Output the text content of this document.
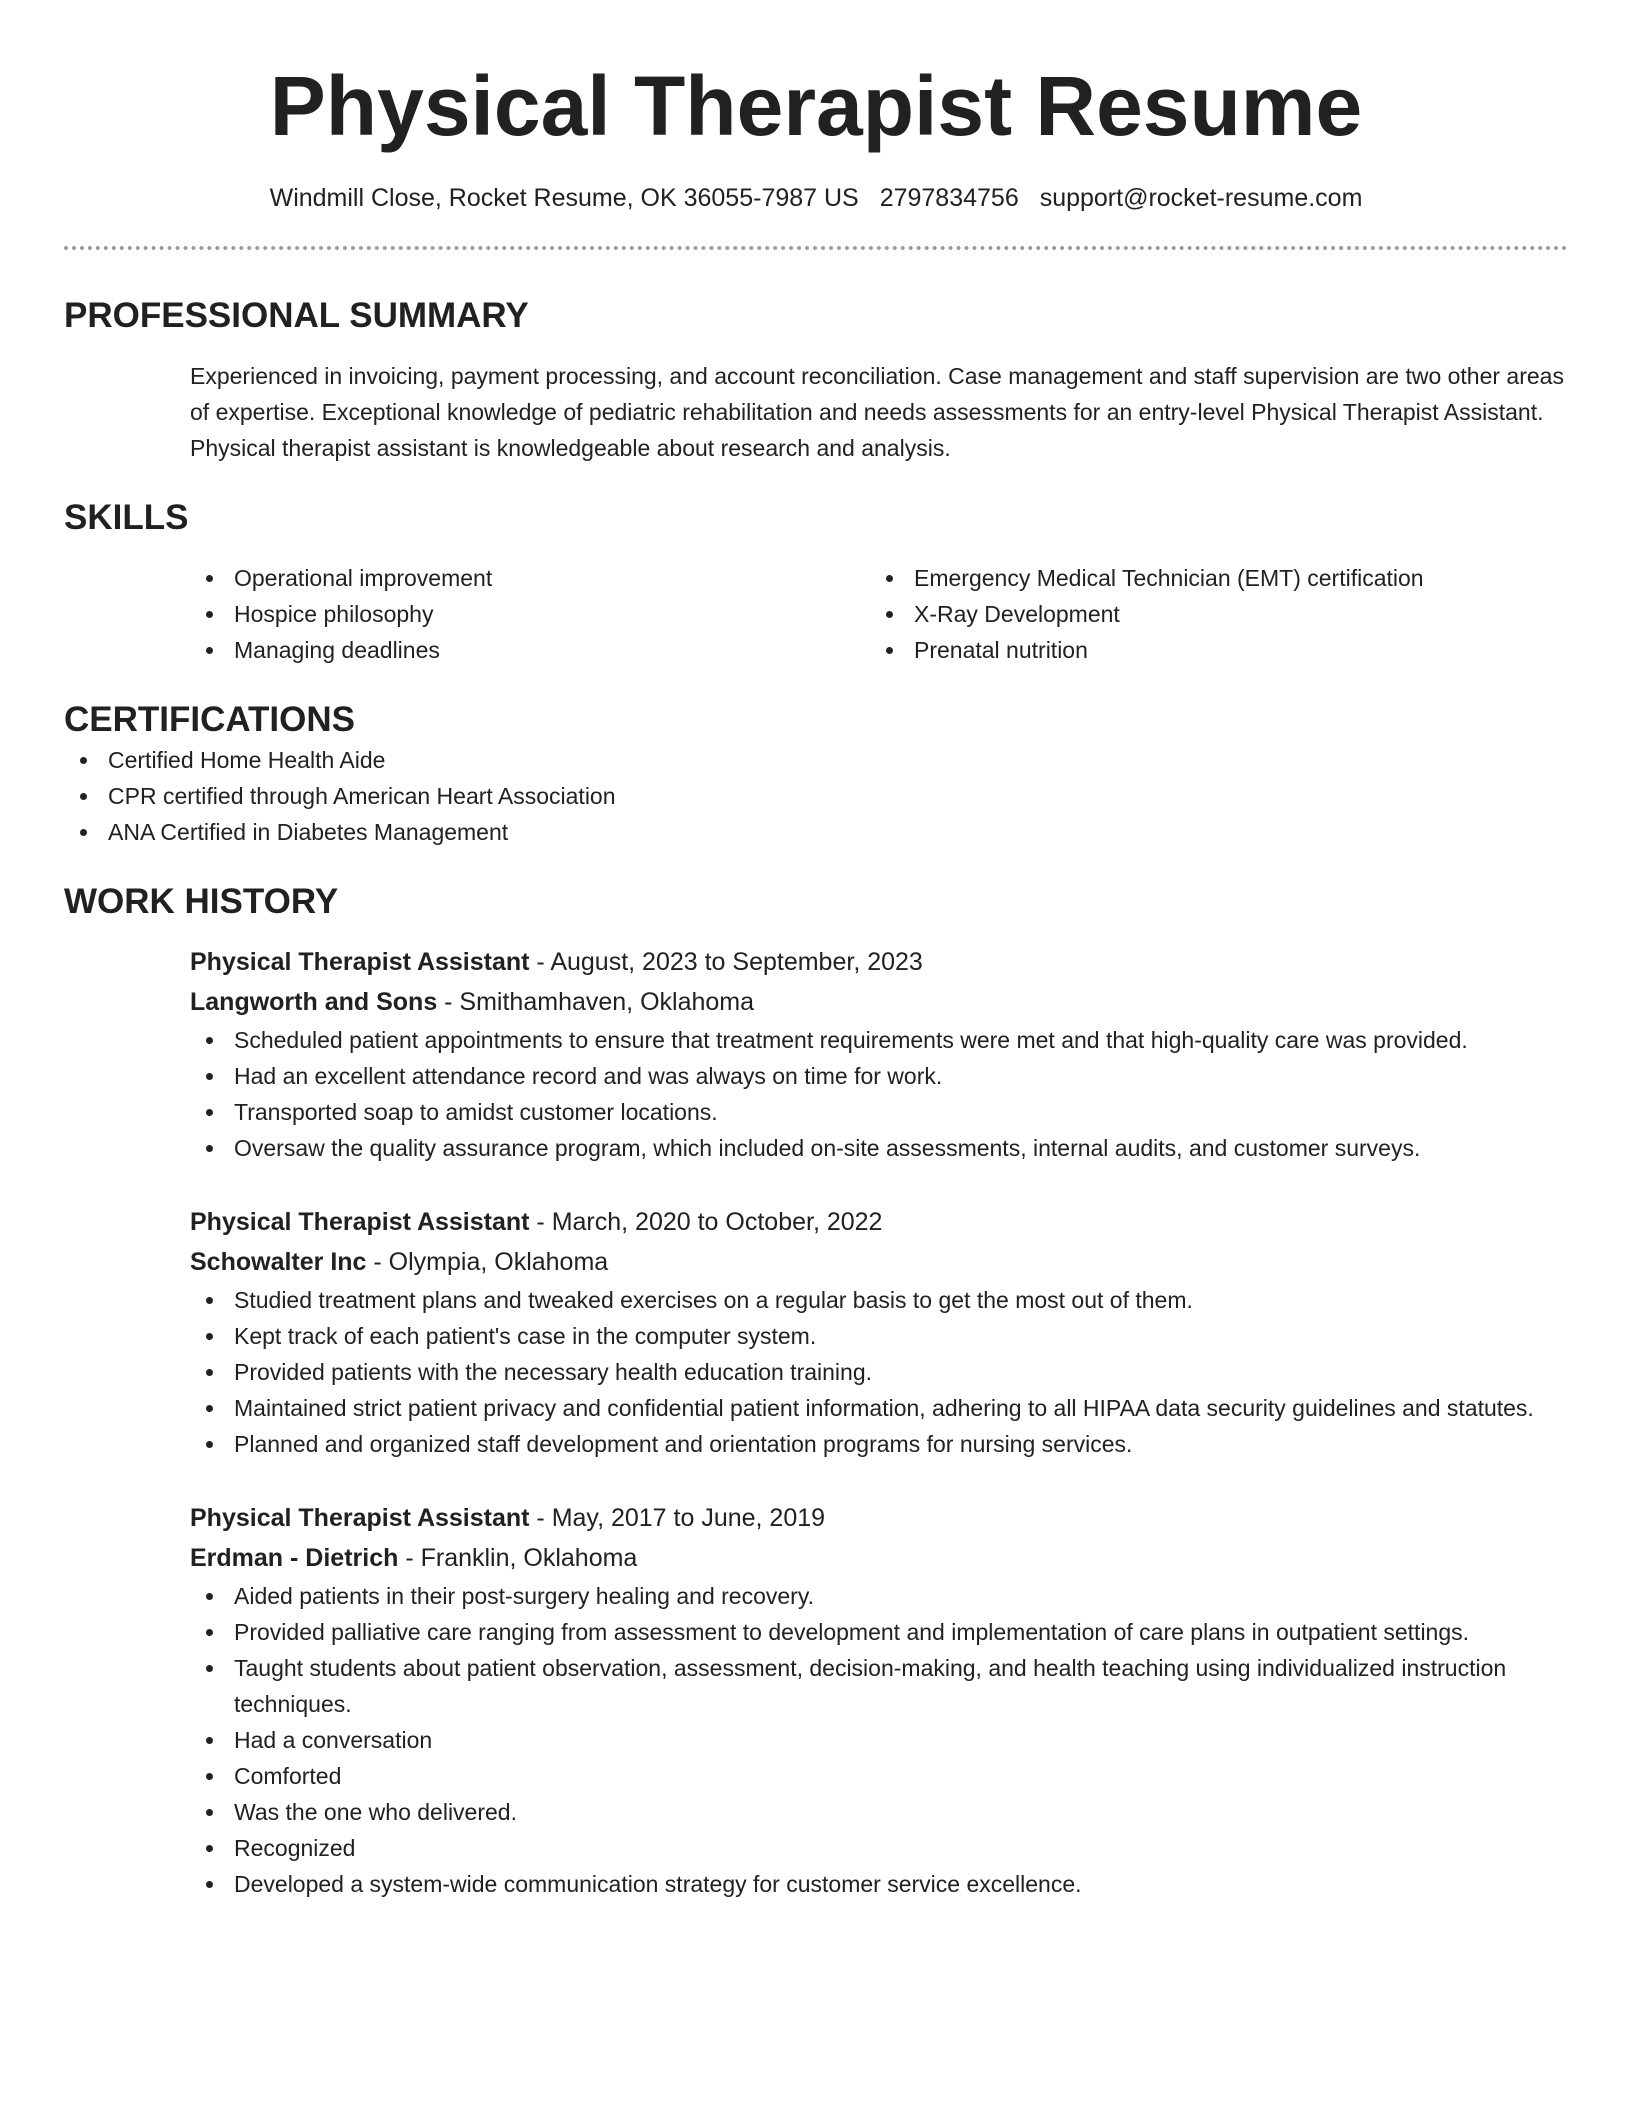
Physical Therapist Resume
Windmill Close, Rocket Resume, OK 36055-7987 US 2797834756 support@rocket-resume.com
PROFESSIONAL SUMMARY
Experienced in invoicing, payment processing, and account reconciliation. Case management and staff supervision are two other areas of expertise. Exceptional knowledge of pediatric rehabilitation and needs assessments for an entry-level Physical Therapist Assistant. Physical therapist assistant is knowledgeable about research and analysis.
SKILLS
Operational improvement
Hospice philosophy
Managing deadlines
Emergency Medical Technician (EMT) certification
X-Ray Development
Prenatal nutrition
CERTIFICATIONS
Certified Home Health Aide
CPR certified through American Heart Association
ANA Certified in Diabetes Management
WORK HISTORY
Physical Therapist Assistant - August, 2023 to September, 2023
Langworth and Sons - Smithamhaven, Oklahoma
Scheduled patient appointments to ensure that treatment requirements were met and that high-quality care was provided.
Had an excellent attendance record and was always on time for work.
Transported soap to amidst customer locations.
Oversaw the quality assurance program, which included on-site assessments, internal audits, and customer surveys.
Physical Therapist Assistant - March, 2020 to October, 2022
Schowalter Inc - Olympia, Oklahoma
Studied treatment plans and tweaked exercises on a regular basis to get the most out of them.
Kept track of each patient's case in the computer system.
Provided patients with the necessary health education training.
Maintained strict patient privacy and confidential patient information, adhering to all HIPAA data security guidelines and statutes.
Planned and organized staff development and orientation programs for nursing services.
Physical Therapist Assistant - May, 2017 to June, 2019
Erdman - Dietrich - Franklin, Oklahoma
Aided patients in their post-surgery healing and recovery.
Provided palliative care ranging from assessment to development and implementation of care plans in outpatient settings.
Taught students about patient observation, assessment, decision-making, and health teaching using individualized instruction techniques.
Had a conversation
Comforted
Was the one who delivered.
Recognized
Developed a system-wide communication strategy for customer service excellence.
